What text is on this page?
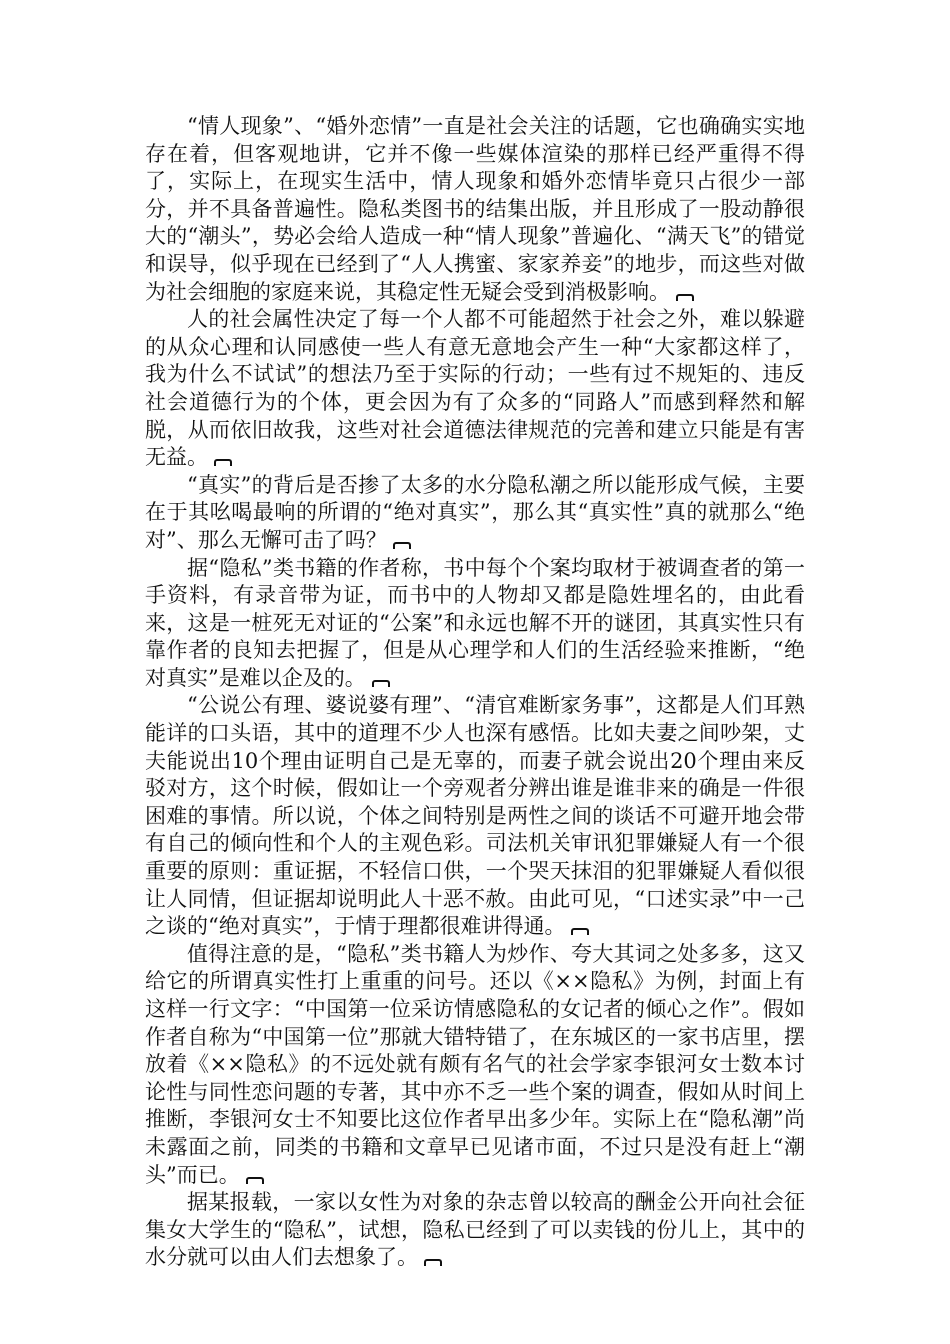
“情人现象”、“婚外恋情”一直是社会关注的话题，它也确确实实地存在着，但客观地讲，它并不像一些媒体渲染的那样已经严重得不得了，实际上，在现实生活中，情人现象和婚外恋情毕竟只占很少一部分，并不具备普遍性。隐私类图书的结集出版，并且形成了一股动静很大的“潮头”，势必会给人造成一种“情人现象”普遍化、“满天飞”的错觉和误导，似乎现在已经到了“人人携蜜、家家养妾”的地步，而这些对做为社会细胞的家庭来说，其稳定性无疑会受到消极影响。

人的社会属性决定了每一个人都不可能超然于社会之外，难以躲避的从众心理和认同感使一些人有意无意地会产生一种“大家都这样了，我为什么不试试”的想法乃至于实际的行动；一些有过不规矩的、违反社会道德行为的个体，更会因为有了众多的“同路人”而感到释然和解脱，从而依旧故我，这些对社会道德法律规范的完善和建立只能是有害无益。

“真实”的背后是否掺了太多的水分隐私潮之所以能形成气候，主要在于其吆喝最响的所谓的“绝对真实”，那么其“真实性”真的就那么“绝对”、那么无懈可击了吗？

据“隐私”类书籍的作者称，书中每个个案均取材于被调查者的第一手资料，有录音带为证，而书中的人物却又都是隐姓埋名的，由此看来，这是一桩死无对证的“公案”和永远也解不开的谜团，其真实性只有靠作者的良知去把握了，但是从心理学和人们的生活经验来推断，“绝对真实”是难以企及的。

“公说公有理、婆说婆有理”、“清官难断家务事”，这都是人们耳熟能详的口头语，其中的道理不少人也深有感悟。比如夫妻之间吵架，丈夫能说出10个理由证明自己是无辜的，而妻子就会说出20个理由来反驳对方，这个时候，假如让一个旁观者分辨出谁是谁非来的确是一件很困难的事情。所以说，个体之间特别是两性之间的谈话不可避开地会带有自己的倾向性和个人的主观色彩。司法机关审讯犯罪嫌疑人有一个很重要的原则：重证据，不轻信口供，一个哭天抹泪的犯罪嫌疑人看似很让人同情，但证据却说明此人十恶不赦。由此可见，“口述实录”中一己之谈的“绝对真实”，于情于理都很难讲得通。

值得注意的是，“隐私”类书籍人为炒作、夸大其词之处多多，这又给它的所谓真实性打上重重的问号。还以《××隐私》为例，封面上有这样一行文字：“中国第一位采访情感隐私的女记者的倾心之作”。假如作者自称为“中国第一位”那就大错特错了，在东城区的一家书店里，摆放着《××隐私》的不远处就有颇有名气的社会学家李银河女士数本讨论性与同性恋问题的专著，其中亦不乏一些个案的调查，假如从时间上推断，李银河女士不知要比这位作者早出多少年。实际上在“隐私潮”尚未露面之前，同类的书籍和文章早已见诸市面，不过只是没有赶上“潮头”而已。

据某报载，一家以女性为对象的杂志曾以较高的酬金公开向社会征集女大学生的“隐私”，试想，隐私已经到了可以卖钱的份儿上，其中的水分就可以由人们去想象了。
